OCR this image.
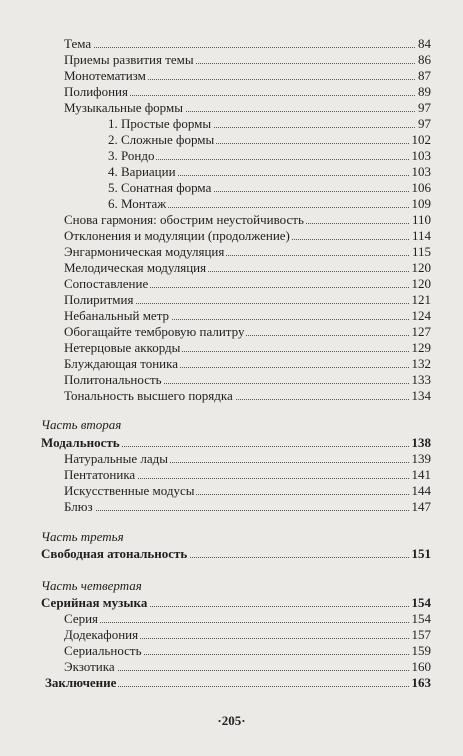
Часть вторая
Часть третья
Часть четвертая
Тема	84
Приемы развития темы	86
Монотематизм	87
Полифония	89
Музыкальные формы	97
1. Простые формы	97
2. Сложные формы	102
3. Рондо	103
4. Вариации	103
5. Сонатная форма	106
6. Монтаж	109
Снова гармония: обострим неустойчивость	110
Отклонения и модуляции (продолжение)	114
Энгармоническая модуляция	115
Мелодическая модуляция	120
Сопоставление	120
Полиритмия	121
Небанальный метр	124
Обогащайте тембровую палитру	127
Нетерцовые аккорды	129
Блуждающая тоника	132
Политональность	133
Тональность высшего порядка	134
Модальность	138
Натуральные лады	139
Пентатоника	141
Искусственные модусы	144
Блюз	147
Свободная атональность	151
Серийная музыка	154
Серия	154
Додекафония	157
Сериальность	159
Экзотика	160
Заключение	163
·205·
